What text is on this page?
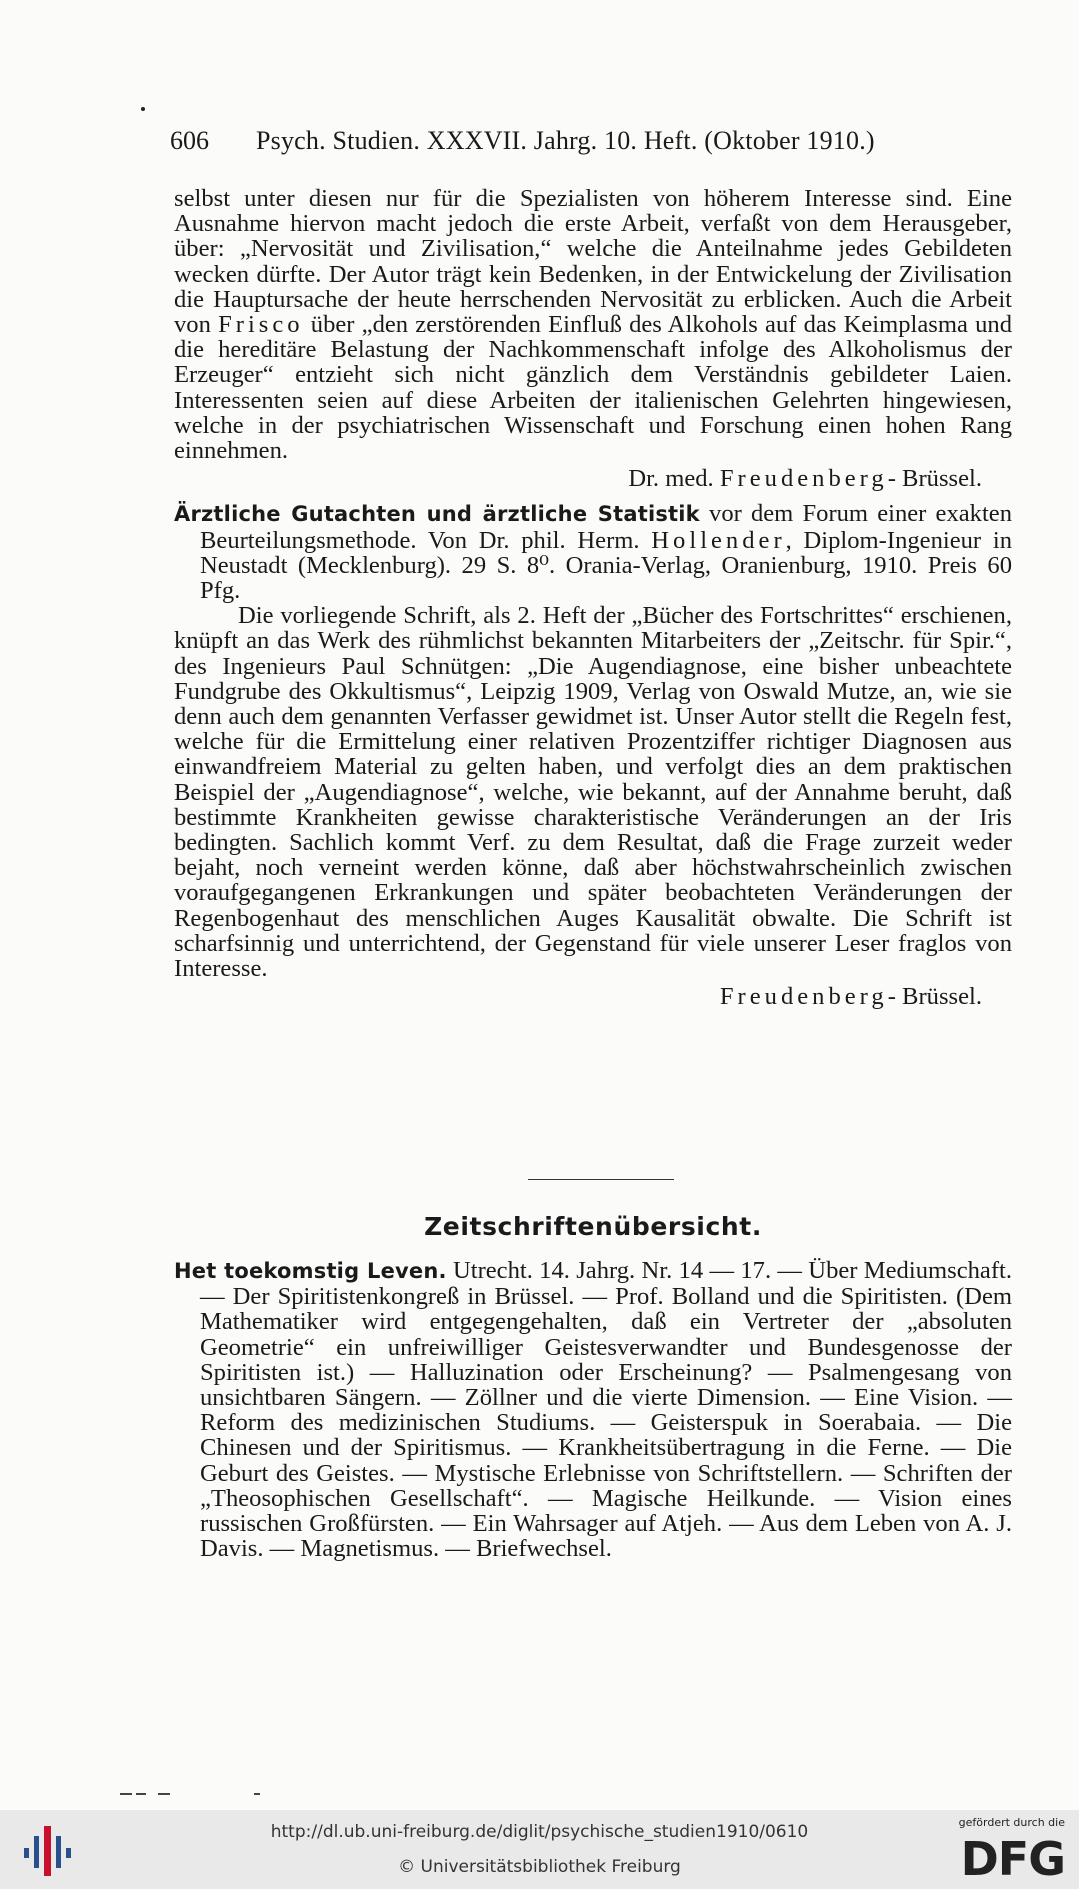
606 Psych. Studien. XXXVII. Jahrg. 10. Heft. (Oktober 1910.)

selbst unter diesen nur für die Spezialisten von höherem Interesse sind. Eine Ausnahme hiervon macht jedoch die erste Arbeit, verfaßt von dem Herausgeber, über: „Nervosität und Zivilisation,“ welche die Anteilnahme jedes Gebildeten wecken dürfte. Der Autor trägt kein Bedenken, in der Entwickelung der Zivilisation die Hauptursache der heute herrschenden Nervosität zu erblicken. Auch die Arbeit von Frisco über „den zerstörenden Einfluß des Alkohols auf das Keimplasma und die hereditäre Belastung der Nachkommenschaft infolge des Alkoholismus der Erzeuger“ entzieht sich nicht gänzlich dem Verständnis gebildeter Laien. Interessenten seien auf diese Arbeiten der italienischen Gelehrten hingewiesen, welche in der psychiatrischen Wissenschaft und Forschung einen hohen Rang einnehmen.

Dr. med. Freudenberg- Brüssel.

Ärztliche Gutachten und ärztliche Statistik vor dem Forum einer exakten Beurteilungsmethode. Von Dr. phil. Herm. Hollender, Diplom-Ingenieur in Neustadt (Mecklenburg). 29 S. 8⁰. Orania-Verlag, Oranienburg, 1910. Preis 60 Pfg.

Die vorliegende Schrift, als 2. Heft der „Bücher des Fortschrittes“ erschienen, knüpft an das Werk des rühmlichst bekannten Mitarbeiters der „Zeitschr. für Spir.“, des Ingenieurs Paul Schnütgen: „Die Augendiagnose, eine bisher unbeachtete Fundgrube des Okkultismus“, Leipzig 1909, Verlag von Oswald Mutze, an, wie sie denn auch dem genannten Verfasser gewidmet ist. Unser Autor stellt die Regeln fest, welche für die Ermittelung einer relativen Prozentziffer richtiger Diagnosen aus einwandfreiem Material zu gelten haben, und verfolgt dies an dem praktischen Beispiel der „Augendiagnose“, welche, wie bekannt, auf der Annahme beruht, daß bestimmte Krankheiten gewisse charakteristische Veränderungen an der Iris bedingten. Sachlich kommt Verf. zu dem Resultat, daß die Frage zurzeit weder bejaht, noch verneint werden könne, daß aber höchstwahrscheinlich zwischen voraufgegangenen Erkrankungen und später beobachteten Veränderungen der Regenbogenhaut des menschlichen Auges Kausalität obwalte. Die Schrift ist scharfsinnig und unterrichtend, der Gegenstand für viele unserer Leser fraglos von Interesse.

Freudenberg- Brüssel.

Zeitschriftenübersicht.

Het toekomstig Leven. Utrecht. 14. Jahrg. Nr. 14 — 17. — Über Mediumschaft. — Der Spiritistenkongreß in Brüssel. — Prof. Bolland und die Spiritisten. (Dem Mathematiker wird entgegengehalten, daß ein Vertreter der „absoluten Geometrie“ ein unfreiwilliger Geistesverwandter und Bundesgenosse der Spiritisten ist.) — Halluzination oder Erscheinung? — Psalmengesang von unsichtbaren Sängern. — Zöllner und die vierte Dimension. — Eine Vision. — Reform des medizinischen Studiums. — Geisterspuk in Soerabaia. — Die Chinesen und der Spiritismus. — Krankheitsübertragung in die Ferne. — Die Geburt des Geistes. — Mystische Erlebnisse von Schriftstellern. — Schriften der „Theosophischen Gesellschaft“. — Magische Heilkunde. — Vision eines russischen Großfürsten. — Ein Wahrsager auf Atjeh. — Aus dem Leben von A. J. Davis. — Magnetismus. — Briefwechsel.

http://dl.ub.uni-freiburg.de/diglit/psychische_studien1910/0610
© Universitätsbibliothek Freiburg
gefördert durch die
DFG
